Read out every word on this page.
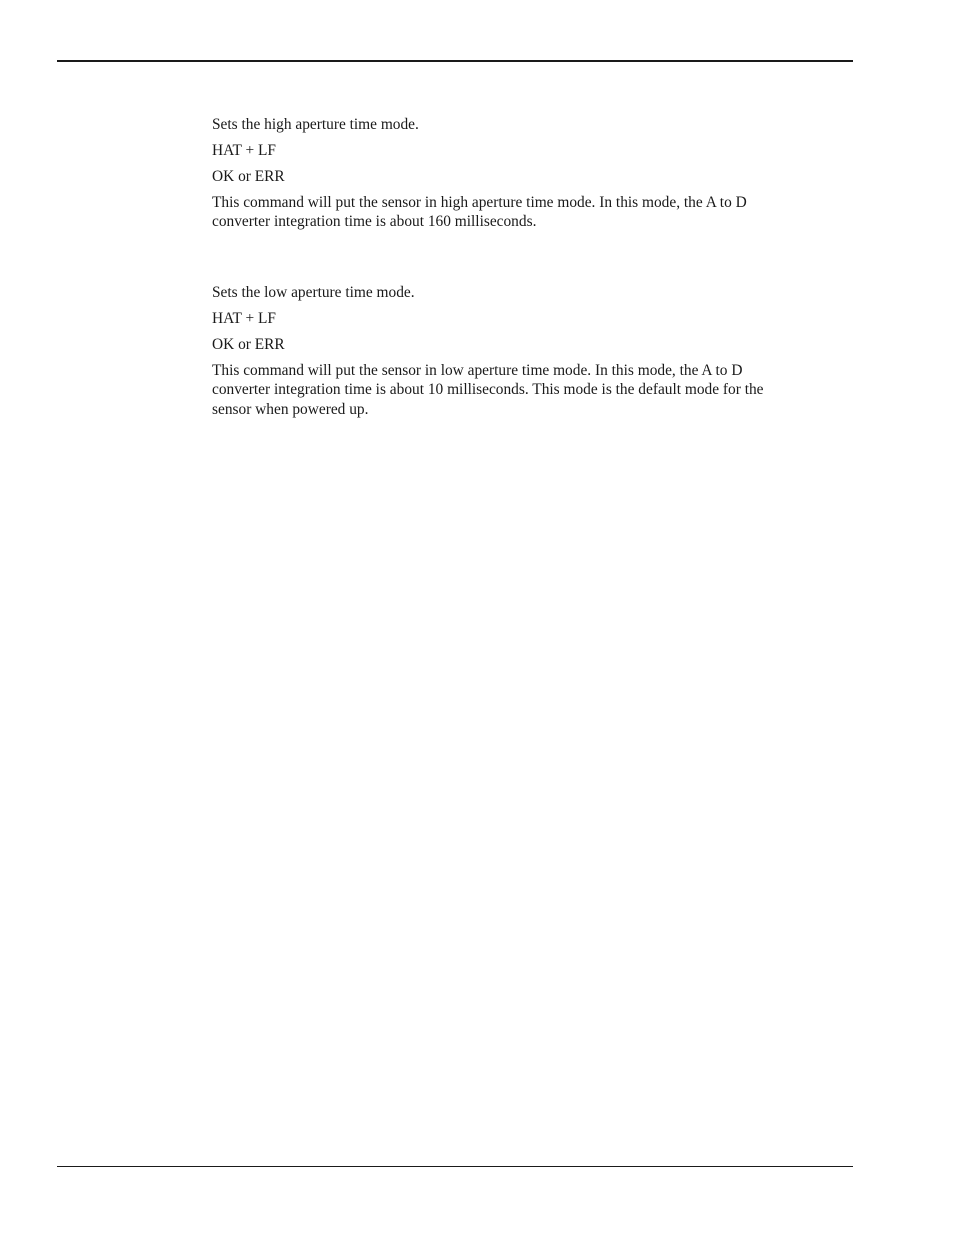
Sets the high aperture time mode.

HAT + LF

OK or ERR

This command will put the sensor in high aperture time mode. In this mode, the A to D
converter integration time is about 160 milliseconds.

Sets the low aperture time mode.

HAT + LF

OK or ERR

This command will put the sensor in low aperture time mode. In this mode, the A to D
converter integration time is about 10 milliseconds. This mode is the default mode for the
sensor when powered up.
